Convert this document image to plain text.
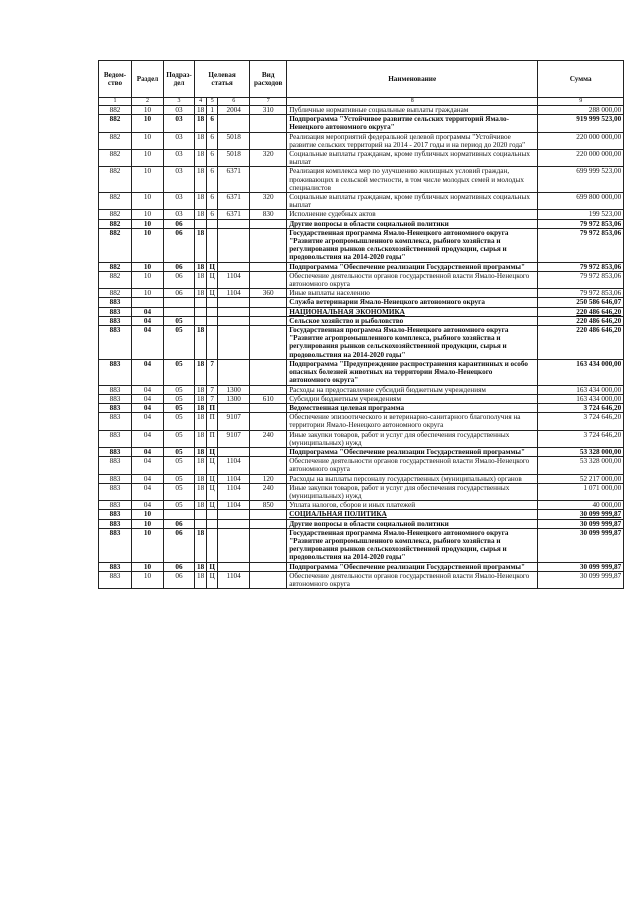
Ведом-ство	Раздел	Подраз-дел	Целевая статья			Вид расходов	Наименование	Сумма
1	2	3	4	5	6	7	8	9
882	10	03	18	1	2004	310	Публичные нормативные социальные выплаты гражданам	288 000,00
882	10	03	18	6			Подпрограмма "Устойчивое развитие сельских территорий Ямало-Ненецкого автономного округа"	919 999 523,00
882	10	03	18	6	5018		Реализация мероприятий федеральной целевой программы "Устойчивое развитие сельских территорий на 2014 - 2017 годы и на период до 2020 года"	220 000 000,00
882	10	03	18	6	5018	320	Социальные выплаты гражданам, кроме публичных нормативных социальных выплат	220 000 000,00
882	10	03	18	6	6371		Реализация комплекса мер по улучшению жилищных условий граждан, проживающих в сельской местности, в том числе молодых семей и молодых специалистов	699 999 523,00
882	10	03	18	6	6371	320	Социальные выплаты гражданам, кроме публичных нормативных социальных выплат	699 800 000,00
882	10	03	18	6	6371	830	Исполнение судебных актов	199 523,00
882	10	06					Другие вопросы в области социальной политики	79 972 853,06
882	10	06	18				Государственная программа Ямало-Ненецкого автономного округа "Развитие агропромышленного комплекса, рыбного хозяйства и регулирования рынков сельскохозяйственной продукции, сырья и продовольствия на 2014-2020 годы"	79 972 853,06
882	10	06	18	Ц			Подпрограмма "Обеспечение реализации Государственной программы"	79 972 853,06
882	10	06	18	Ц	1104		Обеспечение деятельности органов государственной власти Ямало-Ненецкого автономного округа	79 972 853,06
882	10	06	18	Ц	1104	360	Иные выплаты населению	79 972 853,06
883							Служба ветеринарии Ямало-Ненецкого автономного округа	250 586 646,07
883	04						НАЦИОНАЛЬНАЯ ЭКОНОМИКА	220 486 646,20
883	04	05					Сельское хозяйство и рыболовство	220 486 646,20
883	04	05	18				Государственная программа Ямало-Ненецкого автономного округа "Развитие агропромышленного комплекса, рыбного хозяйства и регулирования рынков сельскохозяйственной продукции, сырья и продовольствия на 2014-2020 годы"	220 486 646,20
883	04	05	18	7			Подпрограмма "Предупреждение распространения карантинных и особо опасных болезней животных на территории Ямало-Ненецкого автономного округа"	163 434 000,00
883	04	05	18	7	1300		Расходы на предоставление субсидий бюджетным учреждениям	163 434 000,00
883	04	05	18	7	1300	610	Субсидии бюджетным учреждениям	163 434 000,00
883	04	05	18	П			Ведомственная целевая программа	3 724 646,20
883	04	05	18	П	9107		Обеспечение эпизоотического и ветеринарно-санитарного благополучия на территории Ямало-Ненецкого автономного округа	3 724 646,20
883	04	05	18	П	9107	240	Иные закупки товаров, работ и услуг для обеспечения государственных (муниципальных) нужд	3 724 646,20
883	04	05	18	Ц			Подпрограмма "Обеспечение реализации Государственной программы"	53 328 000,00
883	04	05	18	Ц	1104		Обеспечение деятельности органов государственной власти Ямало-Ненецкого автономного округа	53 328 000,00
883	04	05	18	Ц	1104	120	Расходы на выплаты персоналу государственных (муниципальных) органов	52 217 000,00
883	04	05	18	Ц	1104	240	Иные закупки товаров, работ и услуг для обеспечения государственных (муниципальных) нужд	1 071 000,00
883	04	05	18	Ц	1104	850	Уплата налогов, сборов и иных платежей	40 000,00
883	10						СОЦИАЛЬНАЯ ПОЛИТИКА	30 099 999,87
883	10	06					Другие вопросы в области социальной политики	30 099 999,87
883	10	06	18				Государственная программа Ямало-Ненецкого автономного округа "Развитие агропромышленного комплекса, рыбного хозяйства и регулирования рынков сельскохозяйственной продукции, сырья и продовольствия на 2014-2020 годы"	30 099 999,87
883	10	06	18	Ц			Подпрограмма "Обеспечение реализации Государственной программы"	30 099 999,87
883	10	06	18	Ц	1104		Обеспечение деятельности органов государственной власти Ямало-Ненецкого автономного округа	30 099 999,87
